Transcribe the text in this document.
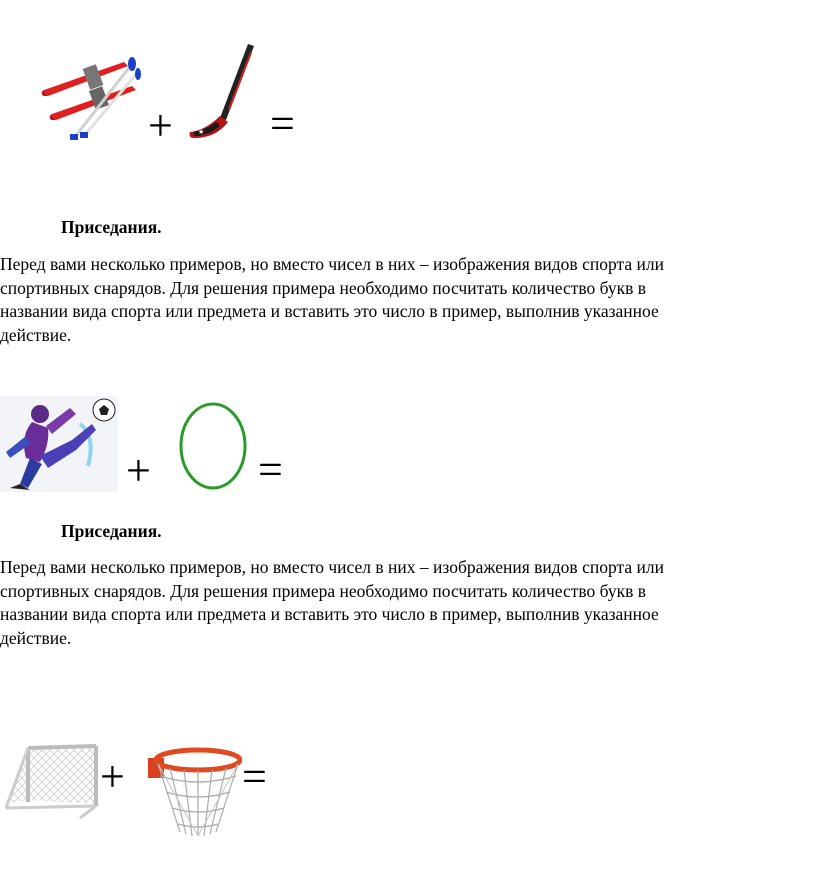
+	★ =
Приседания.
Перед вами несколько примеров, но вместо чисел в них – изображения видов спорта или
спортивных снарядов. Для решения примера необходимо посчитать количество букв в
названии вида спорта или предмета и вставить это число в пример, выполнив указанное
действие.
+ =
Приседания.
Перед вами несколько примеров, но вместо чисел в них – изображения видов спорта или
спортивных снарядов. Для решения примера необходимо посчитать количество букв в
названии вида спорта или предмета и вставить это число в пример, выполнив указанное
действие.
+	=
